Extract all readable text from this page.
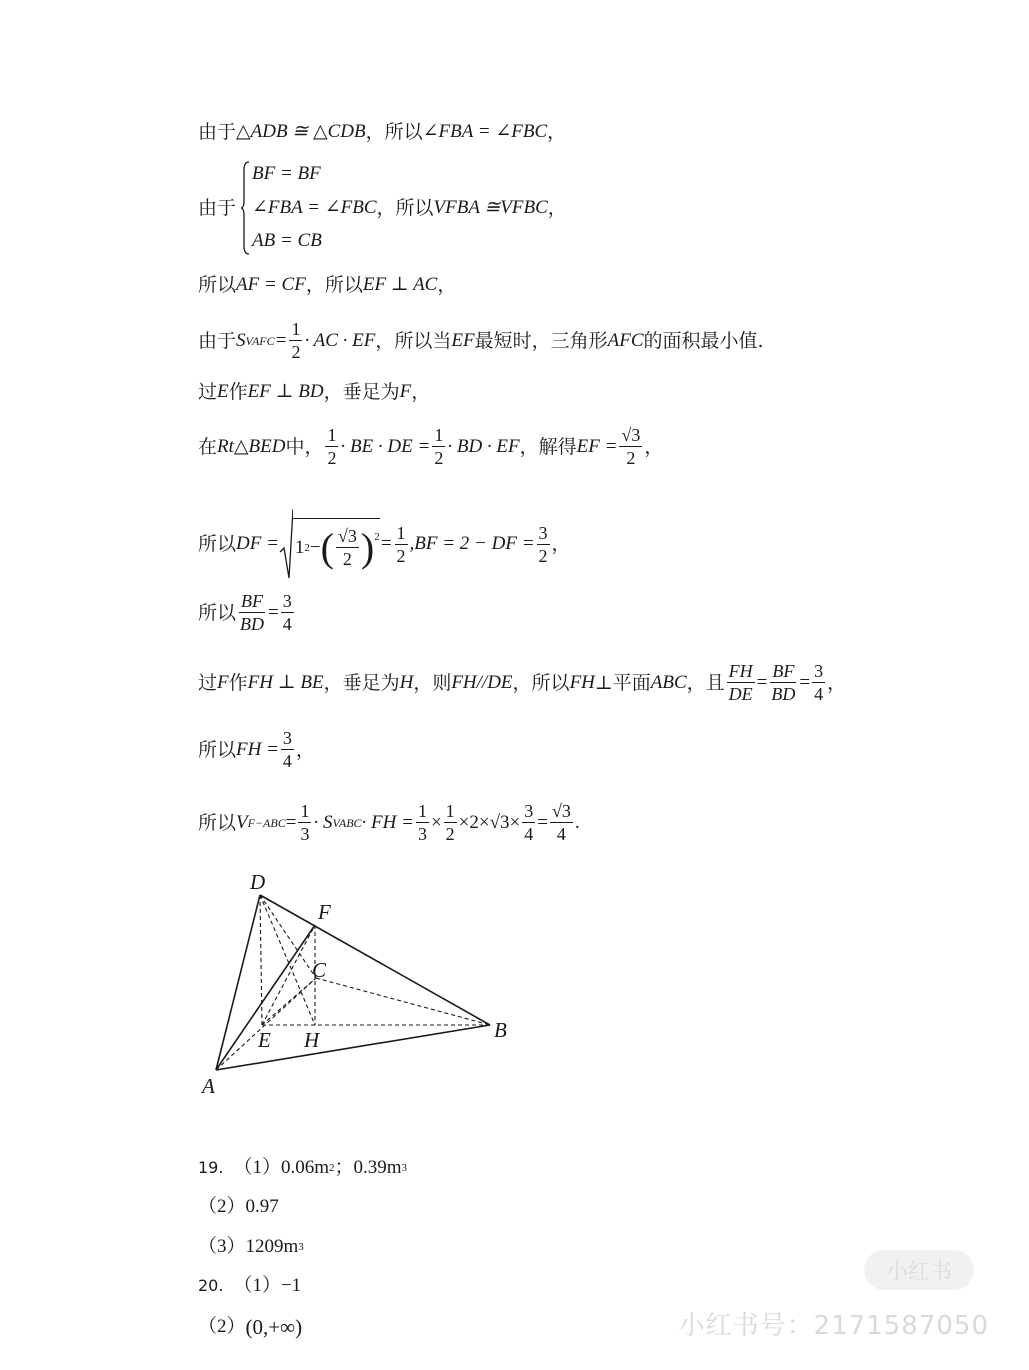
由于 △ADB ≅ △CDB ，所以 ∠FBA = ∠FBC ，
由于
BF = BF
∠FBA = ∠FBC ，所以 VFBA ≅VFBC ，
AB = CB
所以 AF = CF ，所以 EF ⊥ AC ，
由于 S VAFC = $\frac{1}{2}$ · AC · EF ，所以当 EF 最短时，三角形 AFC 的面积最小值.
过 E 作 EF ⊥ BD ，垂足为 F ，
在 Rt△BED 中， $\frac{1}{2}$ · BE · DE = $\frac{1}{2}$ · BD · EF ，解得 EF = $\frac{√3}{2}$ ，
所以 DF = 1 2 − ( $\frac{√3}{2} )^2 = \frac{1}{2} ,BF = 2$ − DF = $\frac{3}{2}$ ，
所以 $\frac{BF}{BD} = \frac{3}{4}$
过 F 作 FH ⊥ BE ，垂足为 H ，则 FH//DE ，所以 FH ⊥平面 ABC ，且 $\frac{FH}{DE} = \frac{BF}{BD} = \frac{3}{4}$ ，
所以 FH = $\frac{3}{4}$ ，
所以 V $F-ABC = \frac{1}{3} \cdot S$ VABC · FH = $\frac{1}{3} \times \frac{1}{2} \times 2\times √3 \times \frac{3}{4} = \frac{√3}{4}$ .
D
F
C
E H	B
A
19. （1） 0.06m 2 ；0.39m 3
（2） 0.97
（3） 1209m 3
20. （1） −1
（2） (0,+∞)
小红书
小红书号：2171587050
